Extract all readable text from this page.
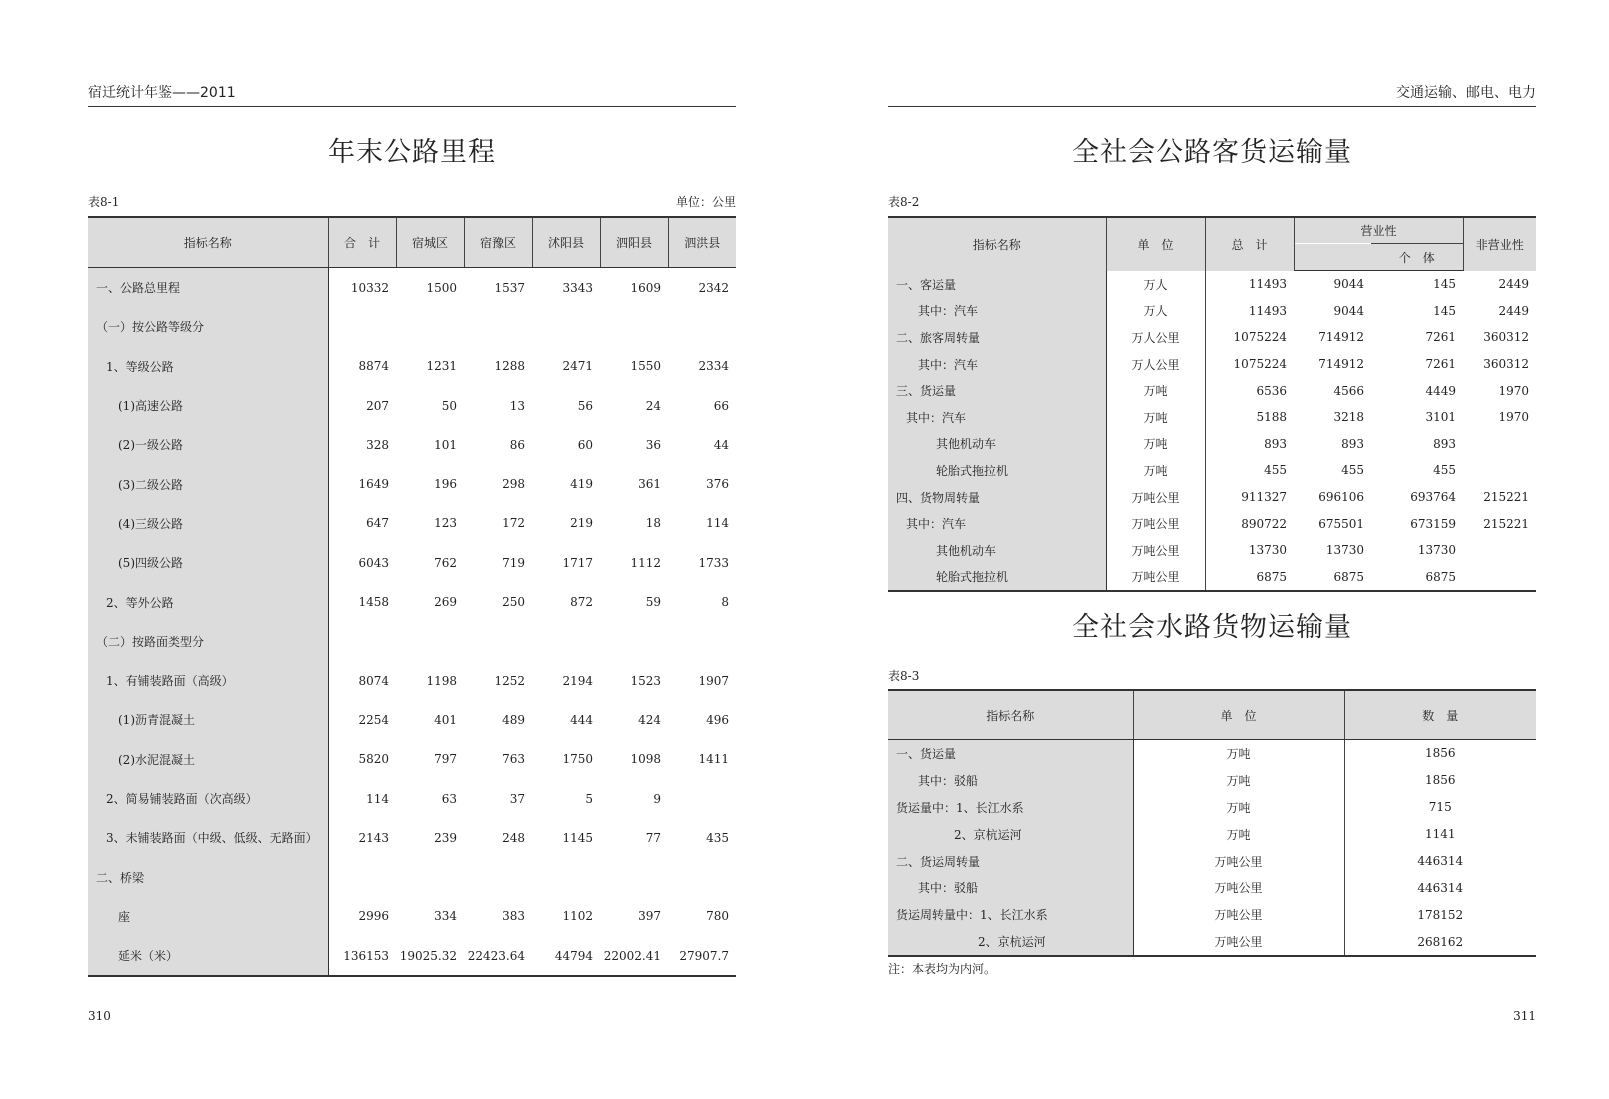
宿迁统计年鉴——2011
年末公路里程
表8-1	单位：公里
指标名称	合　计	宿城区	宿豫区	沭阳县	泗阳县	泗洪县
一、公路总里程	10332	1500	1537	3343	1609	2342
（一）按公路等级分						
1、等级公路	8874	1231	1288	2471	1550	2334
(1)高速公路	207	50	13	56	24	66
(2)一级公路	328	101	86	60	36	44
(3)二级公路	1649	196	298	419	361	376
(4)三级公路	647	123	172	219	18	114
(5)四级公路	6043	762	719	1717	1112	1733
2、等外公路	1458	269	250	872	59	8
（二）按路面类型分						
1、有铺装路面（高级）	8074	1198	1252	2194	1523	1907
(1)沥青混凝土	2254	401	489	444	424	496
(2)水泥混凝土	5820	797	763	1750	1098	1411
2、简易铺装路面（次高级）	114	63	37	5	9	
3、未铺装路面（中级、低级、无路面）	2143	239	248	1145	77	435
二、桥梁						
座	2996	334	383	1102	397	780
延米（米）	136153	19025.32	22423.64	44794	22002.41	27907.7
310
交通运输、邮电、电力
全社会公路客货运输量
表8-2
指标名称	单　位	总　计	营业性		非营业性
				个　体	
一、客运量	万人	11493	9044	145	2449
其中：汽车	万人	11493	9044	145	2449
二、旅客周转量	万人公里	1075224	714912	7261	360312
其中：汽车	万人公里	1075224	714912	7261	360312
三、货运量	万吨	6536	4566	4449	1970
其中：汽车	万吨	5188	3218	3101	1970
其他机动车	万吨	893	893	893	
轮胎式拖拉机	万吨	455	455	455	
四、货物周转量	万吨公里	911327	696106	693764	215221
其中：汽车	万吨公里	890722	675501	673159	215221
其他机动车	万吨公里	13730	13730	13730	
轮胎式拖拉机	万吨公里	6875	6875	6875	
全社会水路货物运输量
表8-3
指标名称	单　位	数　量
一、货运量	万吨	1856
其中：驳船	万吨	1856
货运量中：1、长江水系	万吨	715
2、京杭运河	万吨	1141
二、货运周转量	万吨公里	446314
其中：驳船	万吨公里	446314
货运周转量中：1、长江水系	万吨公里	178152
2、京杭运河	万吨公里	268162
注：本表均为内河。
311
